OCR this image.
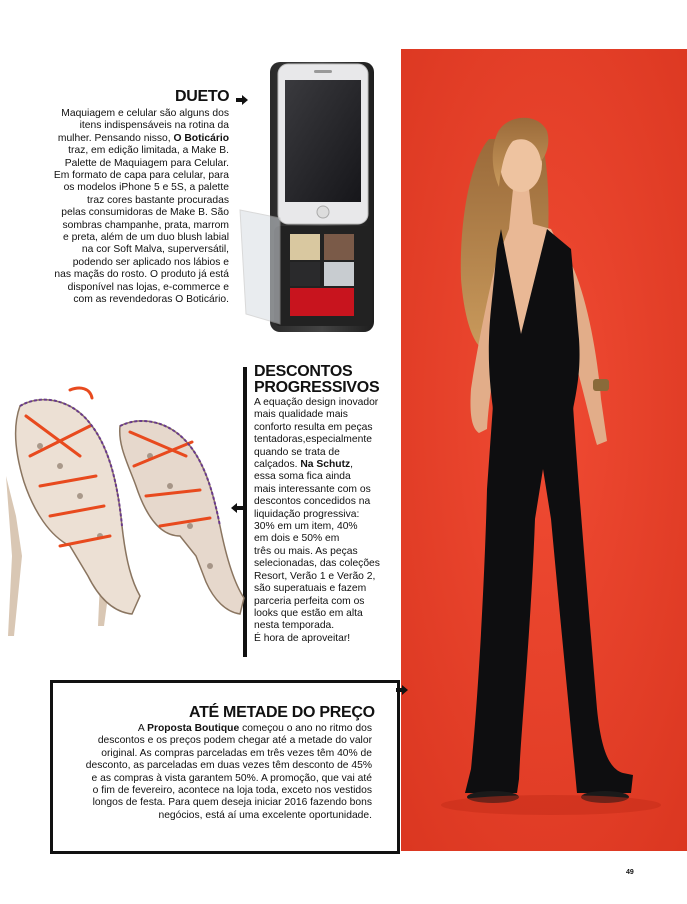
DUETO
Maquiagem e celular são alguns dos
itens indispensáveis na rotina da
mulher. Pensando nisso, O Boticário
traz, em edição limitada, a Make B.
Palette de Maquiagem para Celular.
Em formato de capa para celular, para
os modelos iPhone 5 e 5S, a palette
traz cores bastante procuradas
pelas consumidoras de Make B. São
sombras champanhe, prata, marrom
e preta, além de um duo blush labial
na cor Soft Malva, superversátil,
podendo ser aplicado nos lábios e
nas maçãs do rosto. O produto já está
disponível nas lojas, e-commerce e
com as revendedoras O Boticário.
DESCONTOS
PROGRESSIVOS
A equação design inovador
mais qualidade mais
conforto resulta em peças
tentadoras,especialmente
quando se trata de
calçados. Na Schutz,
essa soma fica ainda
mais interessante com os
descontos concedidos na
liquidação progressiva:
30% em um item, 40%
em dois e 50% em
três ou mais. As peças
selecionadas, das coleções
Resort, Verão 1 e Verão 2,
são superatuais e fazem
parceria perfeita com os
looks que estão em alta
nesta temporada.
É hora de aproveitar!
ATÉ METADE DO PREÇO
A Proposta Boutique começou o ano no ritmo dos
descontos e os preços podem chegar até a metade do valor
original. As compras parceladas em três vezes têm 40% de
desconto, as parceladas em duas vezes têm desconto de 45%
e as compras à vista garantem 50%. A promoção, que vai até
o fim de fevereiro, acontece na loja toda, exceto nos vestidos
longos de festa. Para quem deseja iniciar 2016 fazendo bons
negócios, está aí uma excelente oportunidade.
49
